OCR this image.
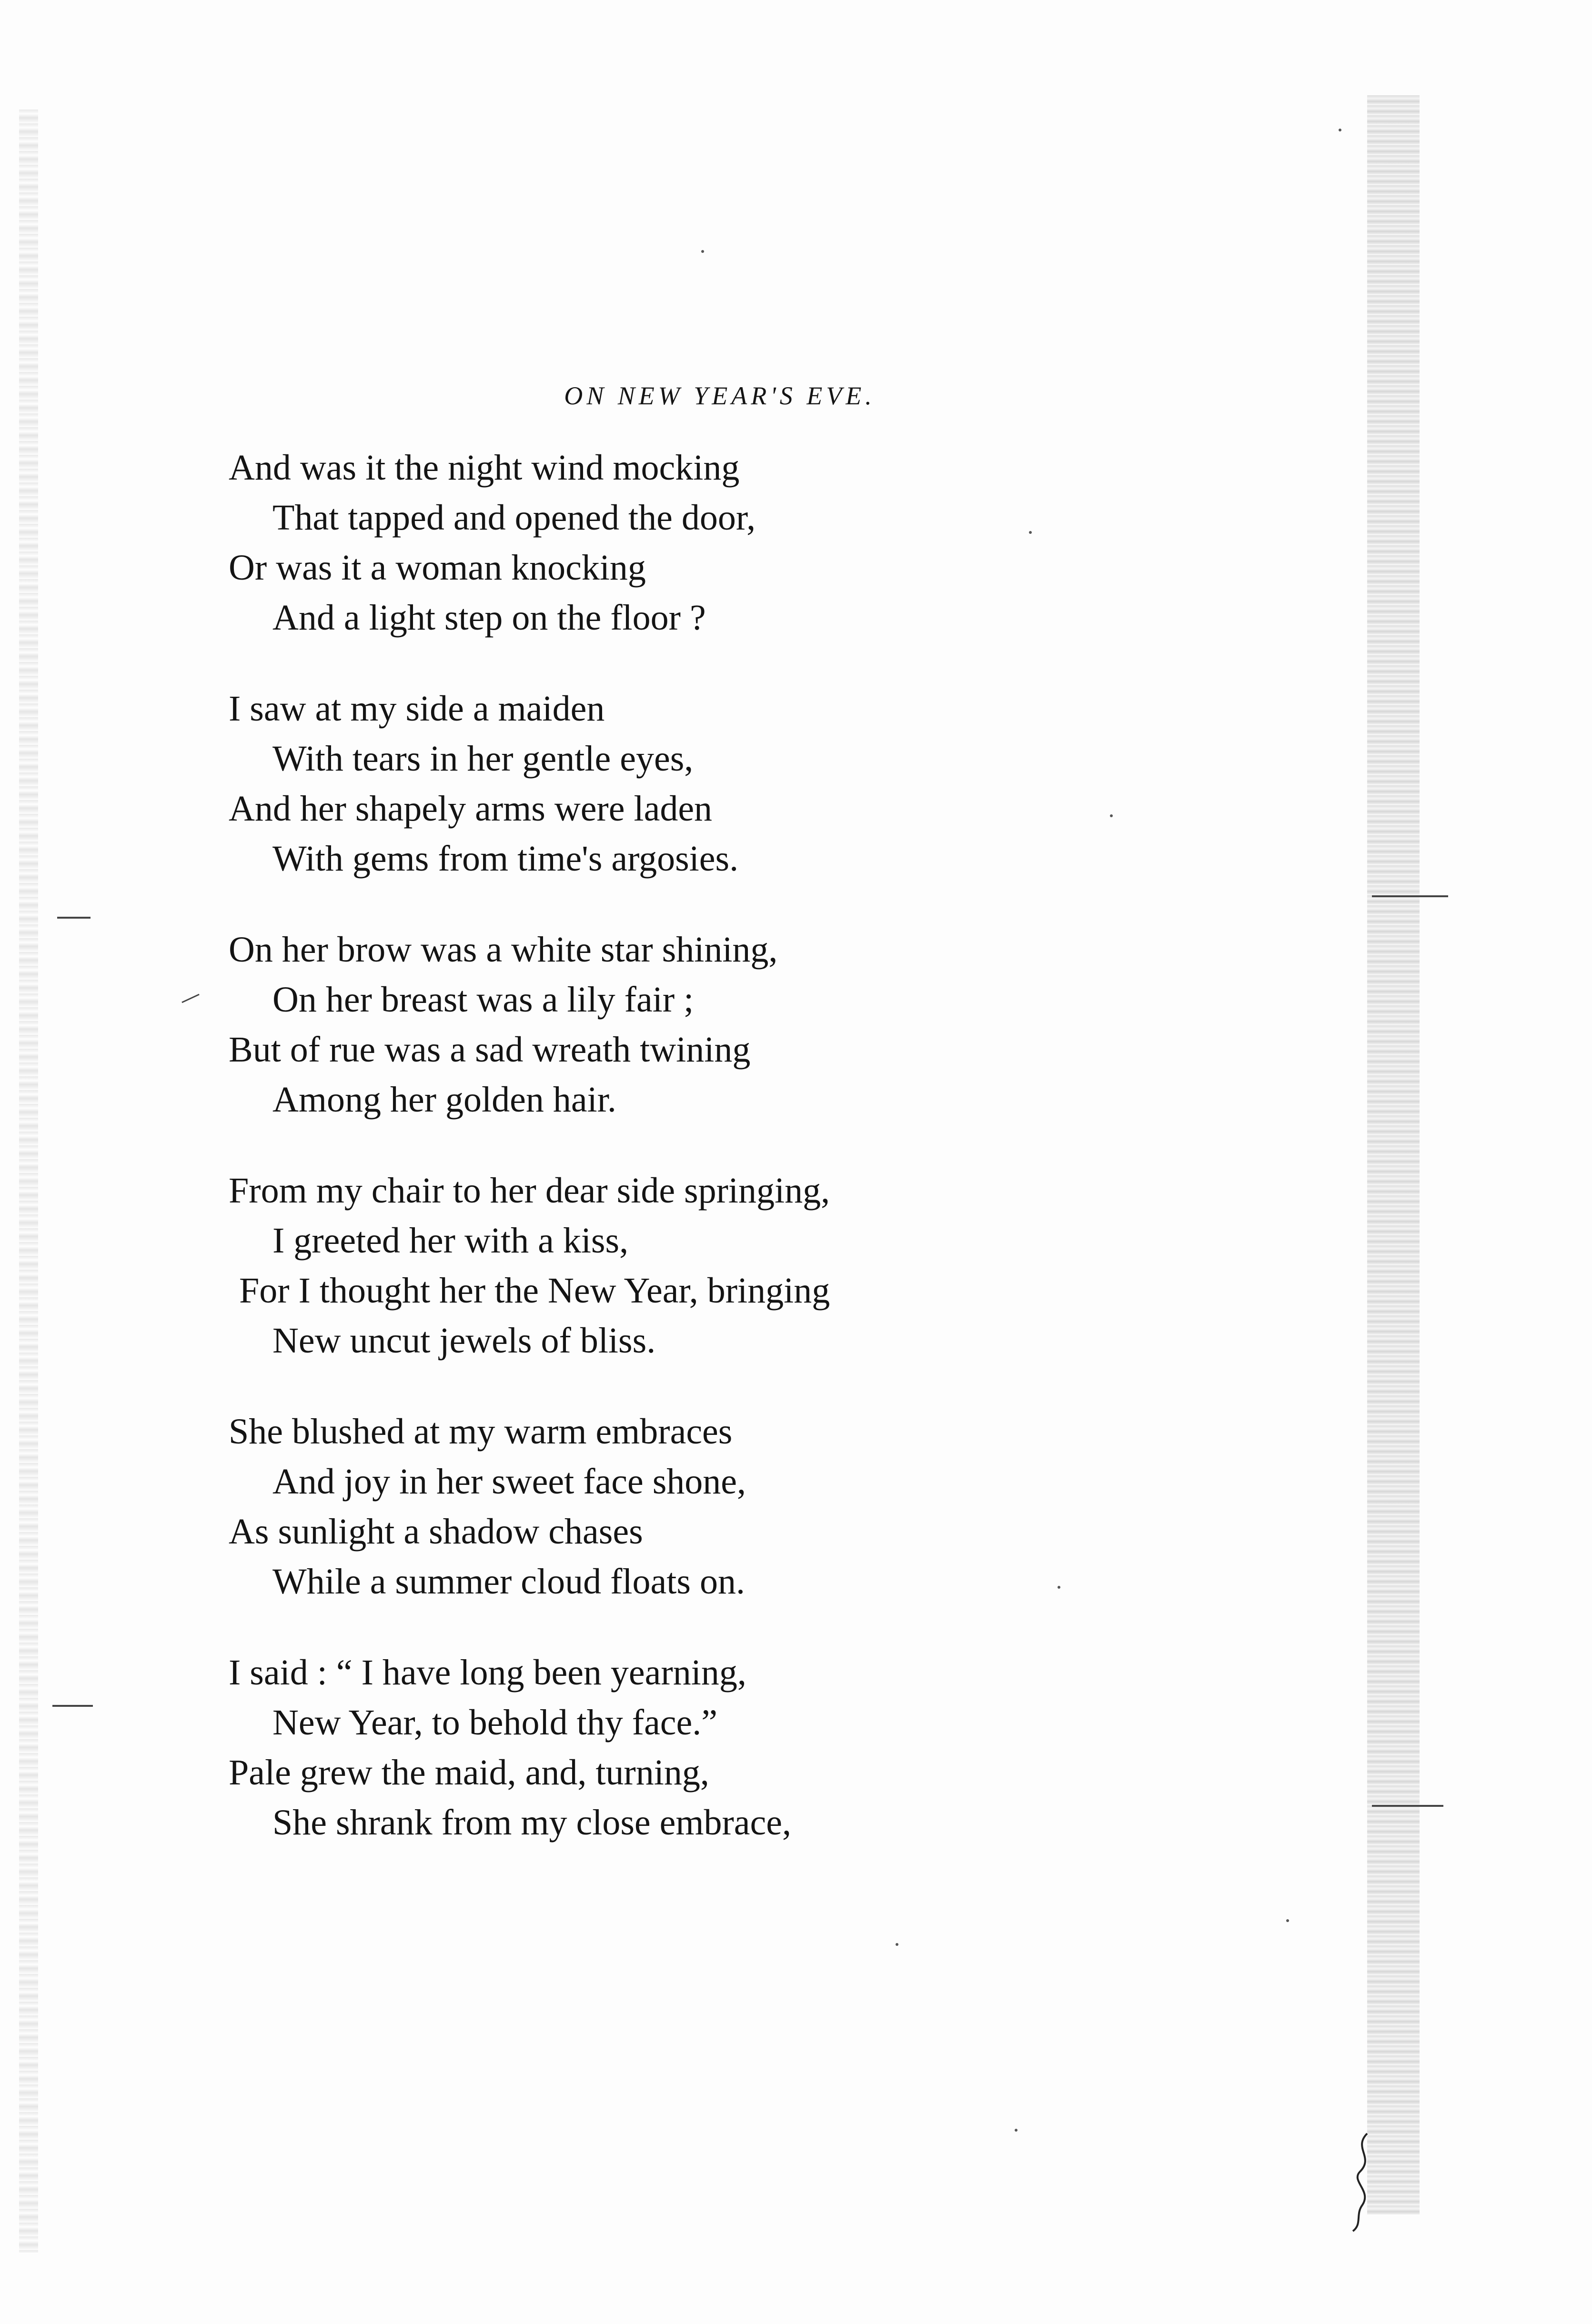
ON NEW YEAR'S EVE.
And was it the night wind mocking
That tapped and opened the door,
Or was it a woman knocking
And a light step on the floor ?
I saw at my side a maiden
With tears in her gentle eyes,
And her shapely arms were laden
With gems from time's argosies.
On her brow was a white star shining,
On her breast was a lily fair ;
But of rue was a sad wreath twining
Among her golden hair.
From my chair to her dear side springing,
I greeted her with a kiss,
For I thought her the New Year, bringing
New uncut jewels of bliss.
She blushed at my warm embraces
And joy in her sweet face shone,
As sunlight a shadow chases
While a summer cloud floats on.
I said : “ I have long been yearning,
New Year, to behold thy face.”
Pale grew the maid, and, turning,
She shrank from my close embrace,
